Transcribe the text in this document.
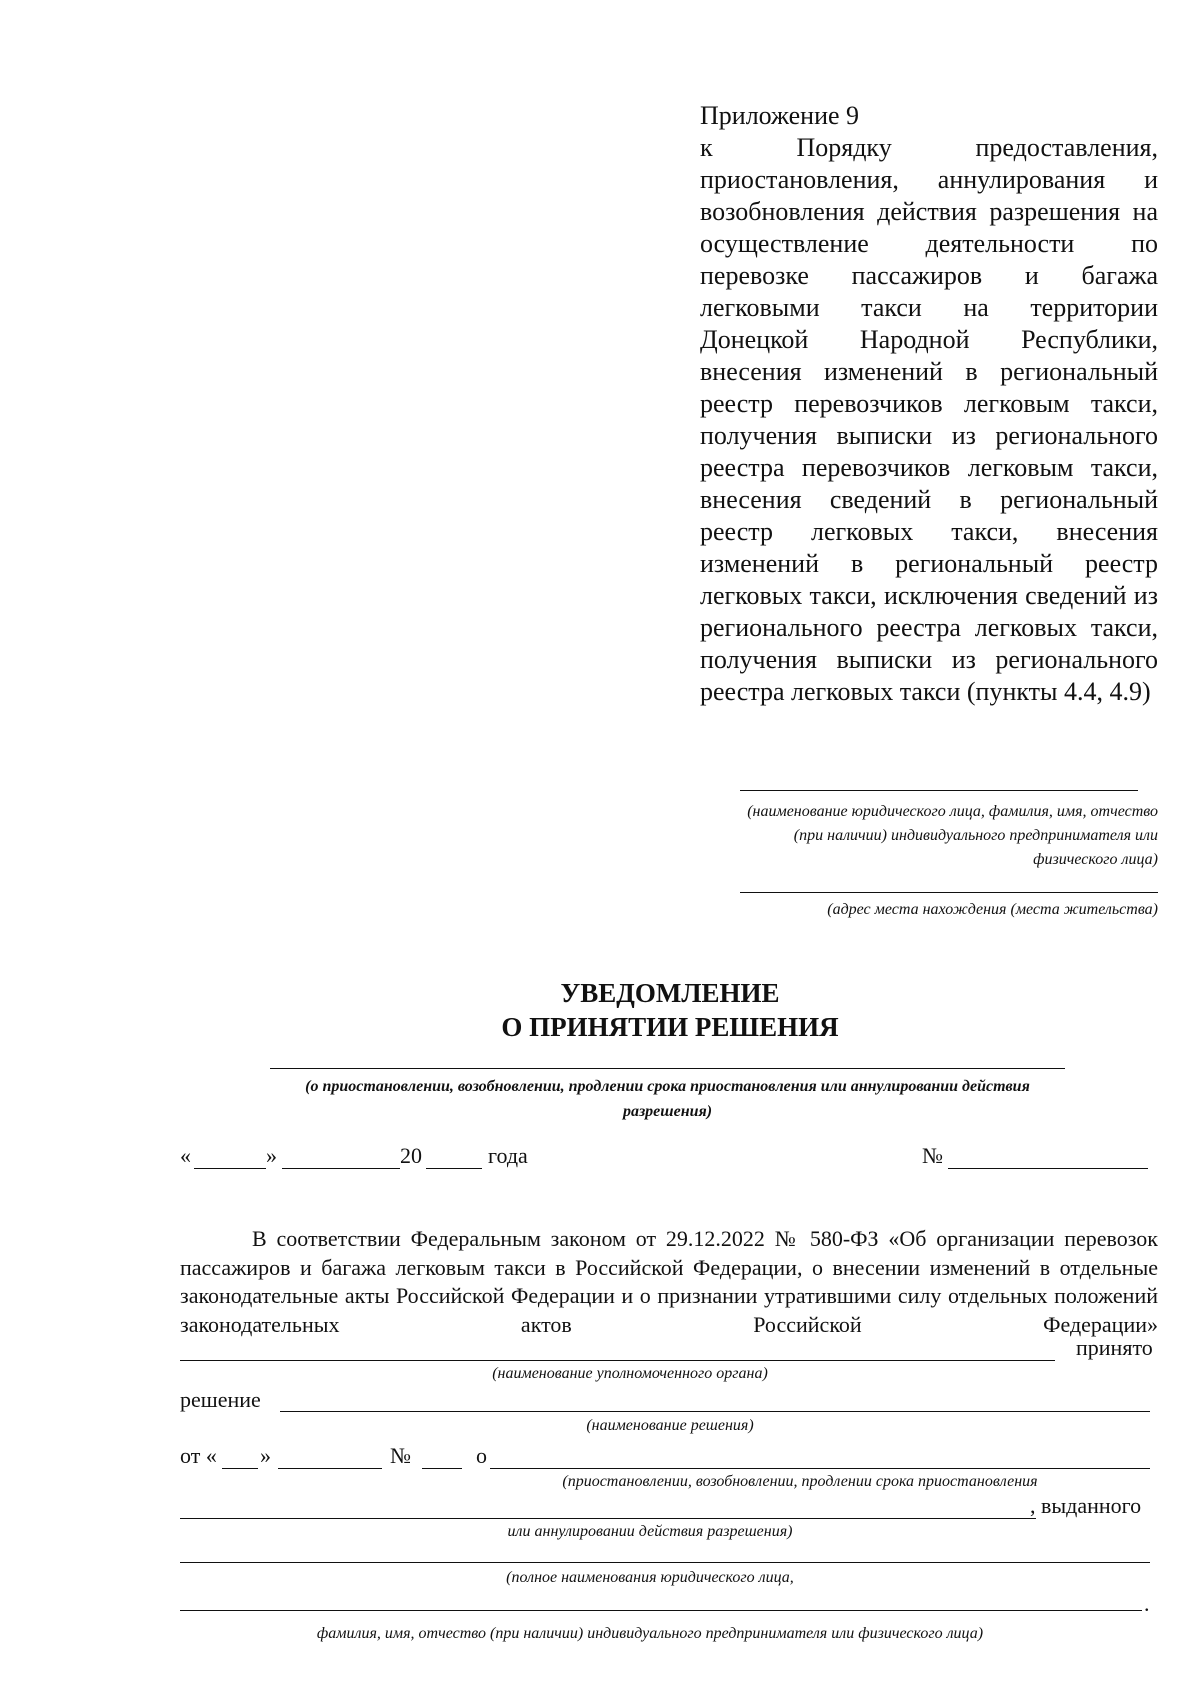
Приложение 9

к Порядку предоставления, приостановления, аннулирования и возобновления действия разрешения на осуществление деятельности по перевозке пассажиров и багажа легковыми такси на территории Донецкой Народной Республики, внесения изменений в региональный реестр перевозчиков легковым такси, получения выписки из регионального реестра перевозчиков легковым такси, внесения сведений в региональный реестр легковых такси, внесения изменений в региональный реестр легковых такси, исключения сведений из регионального реестра легковых такси, получения выписки из регионального реестра легковых такси (пункты 4.4, 4.9)

(наименование юридического лица, фамилия, имя, отчество (при наличии) индивидуального предпринимателя или физического лица)
(адрес места нахождения (места жительства)
УВЕДОМЛЕНИЕ
О ПРИНЯТИИ РЕШЕНИЯ
(о приостановлении, возобновлении, продлении срока приостановления или аннулировании действия разрешения)
«	»	20	года	№
В соответствии Федеральным законом от 29.12.2022 № 580-ФЗ «Об организации перевозок пассажиров и багажа легковым такси в Российской Федерации, о внесении изменений в отдельные законодательные акты Российской Федерации и о признании утратившими силу отдельных положений законодательных актов Российской Федерации»
принято
(наименование уполномоченного органа)
решение
(наименование решения)
от « »	№	о
(приостановлении, возобновлении, продлении срока приостановления
, выданного
или аннулировании действия разрешения)
(полное наименования юридического лица,
.
фамилия, имя, отчество (при наличии) индивидуального предпринимателя или физического лица)
